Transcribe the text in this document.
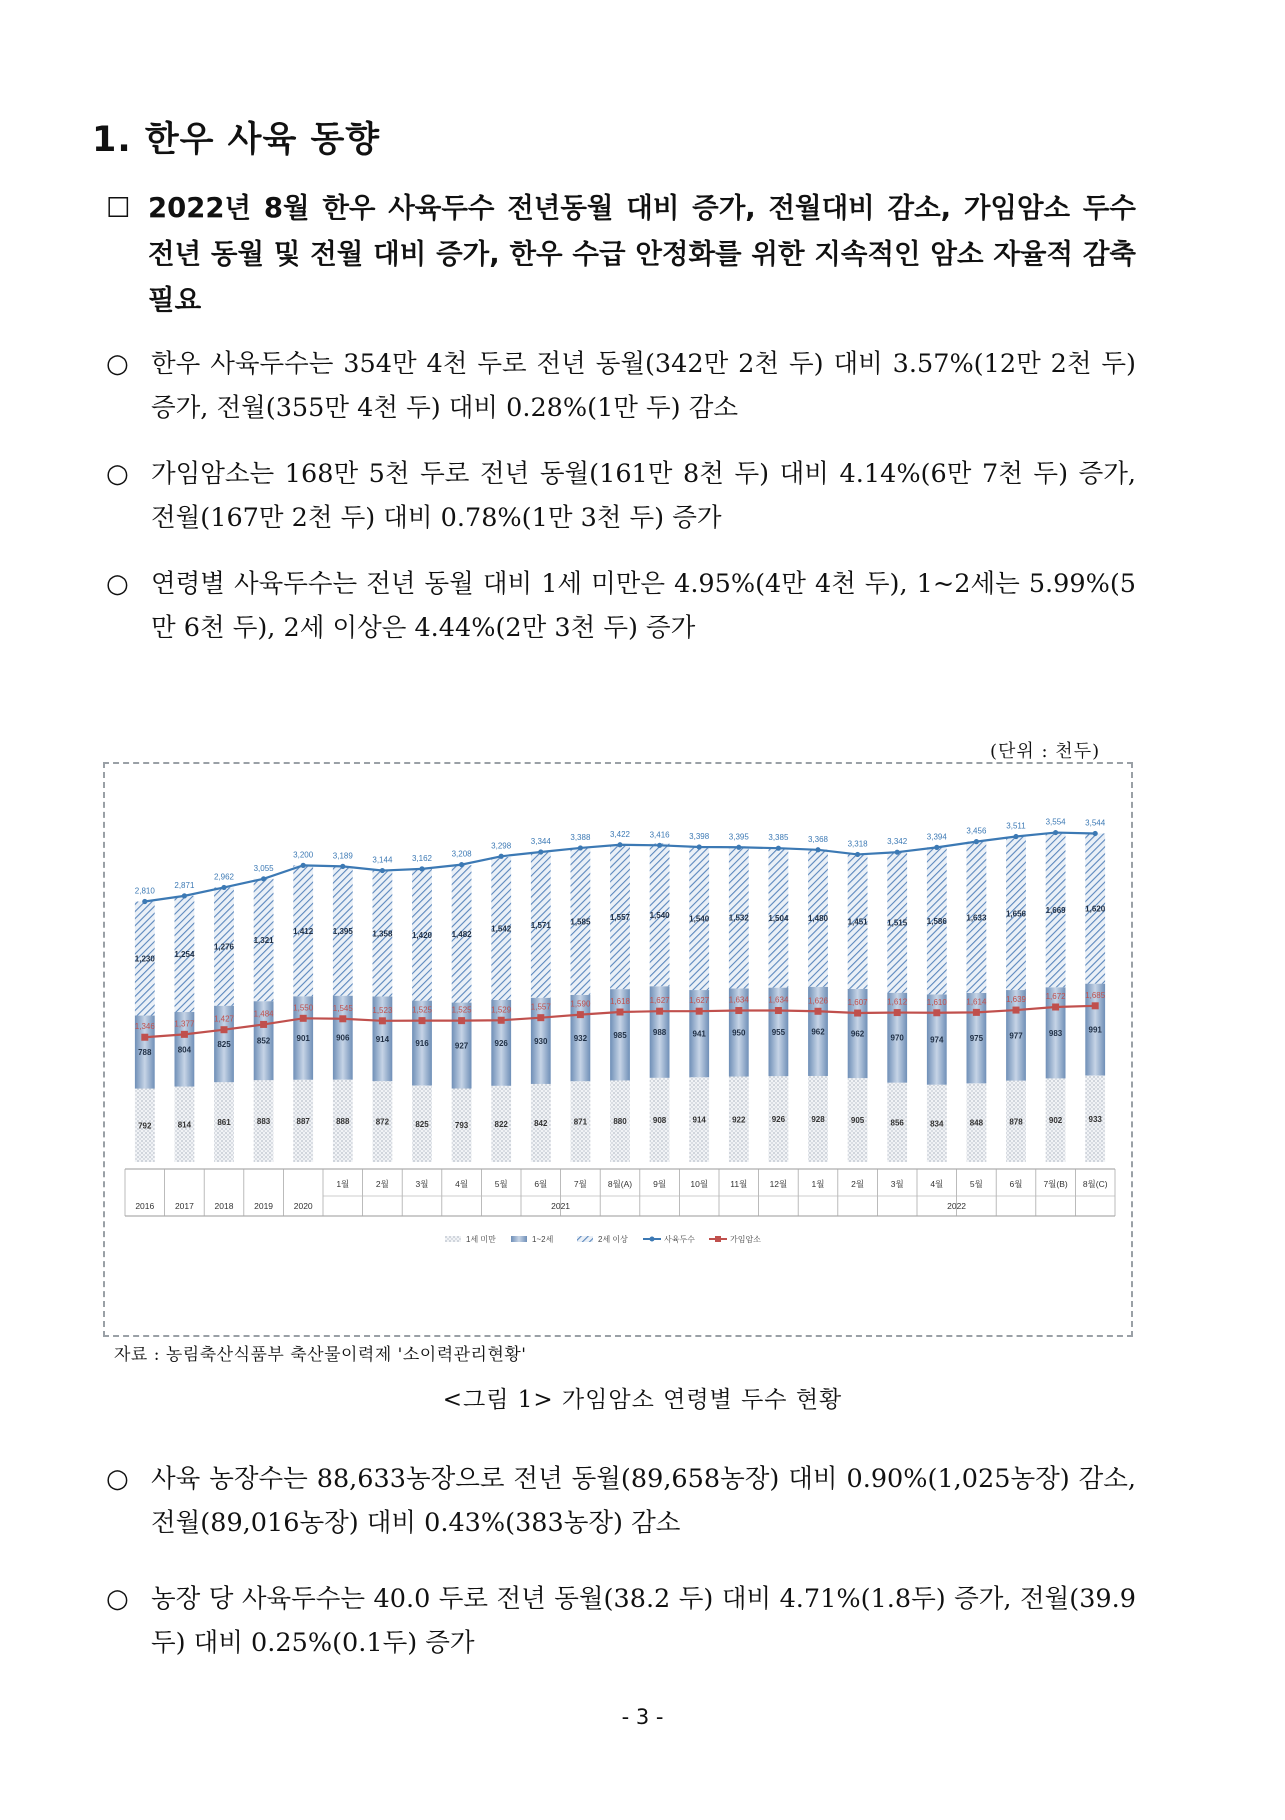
1. 한우 사육 동향
☐ 2022년 8월 한우 사육두수 전년동월 대비 증가, 전월대비 감소, 가임암소 두수 전년 동월 및 전월 대비 증가, 한우 수급 안정화를 위한 지속적인 암소 자율적 감축 필요
○ 한우 사육두수는 354만 4천 두로 전년 동월(342만 2천 두) 대비 3.57%(12만 2천 두) 증가, 전월(355만 4천 두) 대비 0.28%(1만 두) 감소
○ 가임암소는 168만 5천 두로 전년 동월(161만 8천 두) 대비 4.14%(6만 7천 두) 증가, 전월(167만 2천 두) 대비 0.78%(1만 3천 두) 증가
○ 연령별 사육두수는 전년 동월 대비 1세 미만은 4.95%(4만 4천 두), 1~2세는 5.99%(5만 6천 두), 2세 이상은 4.44%(2만 3천 두) 증가
(단위 : 천두)
792
788
1,230
814
804
1,254
861
825
1,276
883
852
1,321
887
901
1,412
888
906
1,395
872
914
1,358
825
916
1,420
793
927
1,482
822
926
1,542
842
930
1,571
871
932
1,585
880
985
1,557
908
988
1,540
914
941
1,540
922
950
1,532
926
955
1,504
928
962
1,480
905
962
1,451
856
970
1,515
834
974
1,586
848
975
1,633
878
977
1,656
902
983
1,669
933
991
1,620
2,810
2,871
2,962
3,055
3,200 3,189 3,144 3,162 3,208
3,298 3,344 3,388 3,422 3,416 3,398 3,395 3,385 3,368
3,318 3,342
3,394
3,456
3,511 3,554 3,544
1,346 1,377
1,427
1,484
1,550 1,545 1,523 1,525 1,525 1,529 1,557 1,590 1,618 1,627 1,627 1,634 1,634 1,626 1,607 1,612 1,610 1,614 1,639 1,672 1,685
2016 2017 2018 2019 2020
1월	2월	3월	4월	5월	6월	7월 8월(A) 9월	10월	11월	12월	1월	2월	3월	4월	5월	6월 7월(B) 8월(C)
2021	2022
1세 미만	1~2세	2세 이상	사육두수	가임암소
자료 : 농림축산식품부 축산물이력제 '소이력관리현황'
<그림 1> 가임암소 연령별 두수 현황
○ 사육 농장수는 88,633농장으로 전년 동월(89,658농장) 대비 0.90%(1,025농장) 감소, 전월(89,016농장) 대비 0.43%(383농장) 감소
○ 농장 당 사육두수는 40.0 두로 전년 동월(38.2 두) 대비 4.71%(1.8두) 증가, 전월(39.9두) 대비 0.25%(0.1두) 증가
- 3 -
